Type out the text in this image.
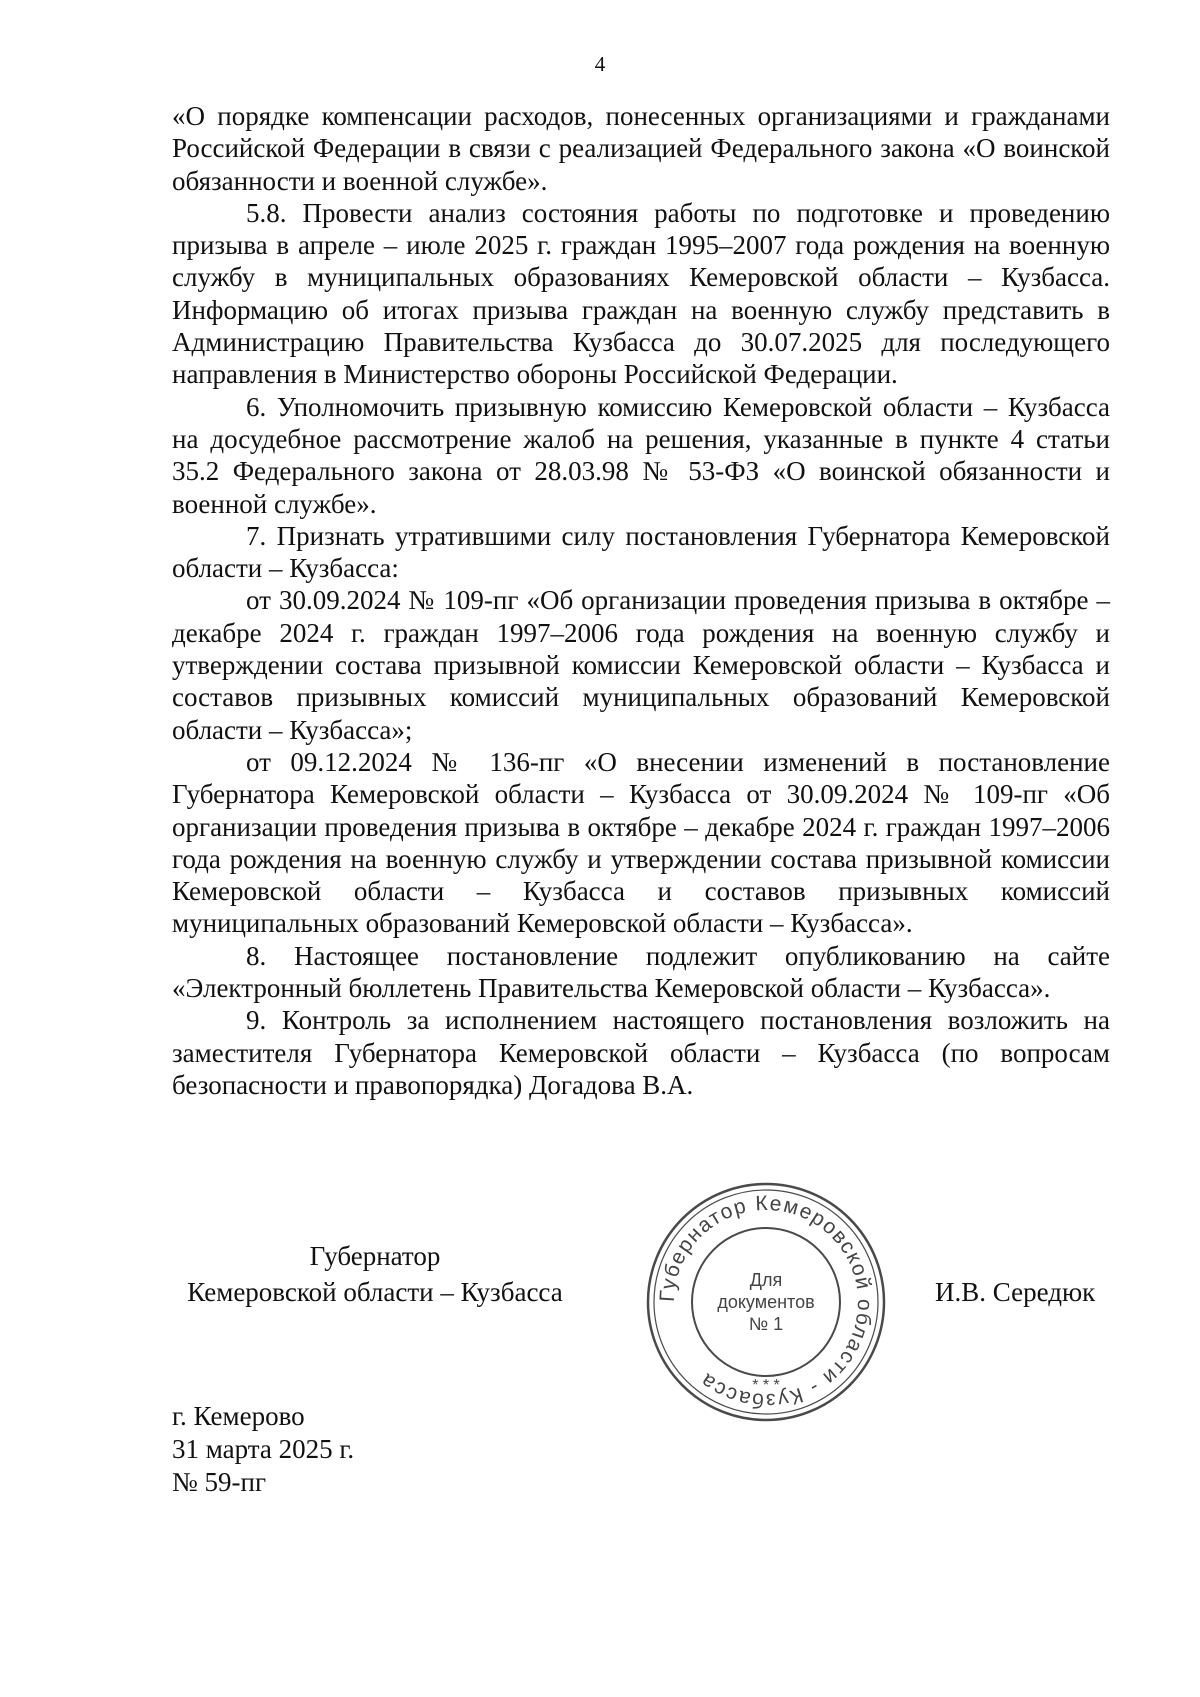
4

«О порядке компенсации расходов, понесенных организациями и гражданами Российской Федерации в связи с реализацией Федерального закона «О воинской обязанности и военной службе».

5.8. Провести анализ состояния работы по подготовке и проведению призыва в апреле – июле 2025 г. граждан 1995–2007 года рождения на военную службу в муниципальных образованиях Кемеровской области – Кузбасса. Информацию об итогах призыва граждан на военную службу представить в Администрацию Правительства Кузбасса до 30.07.2025 для последующего направления в Министерство обороны Российской Федерации.

6. Уполномочить призывную комиссию Кемеровской области – Кузбасса на досудебное рассмотрение жалоб на решения, указанные в пункте 4 статьи 35.2 Федерального закона от 28.03.98 № 53-ФЗ «О воинской обязанности и военной службе».

7. Признать утратившими силу постановления Губернатора Кемеровской области – Кузбасса:

от 30.09.2024 № 109-пг «Об организации проведения призыва в октябре – декабре 2024 г. граждан 1997–2006 года рождения на военную службу и утверждении состава призывной комиссии Кемеровской области – Кузбасса и составов призывных комиссий муниципальных образований Кемеровской области – Кузбасса»;

от 09.12.2024 № 136-пг «О внесении изменений в постановление Губернатора Кемеровской области – Кузбасса от 30.09.2024 № 109-пг «Об организации проведения призыва в октябре – декабре 2024 г. граждан 1997–2006 года рождения на военную службу и утверждении состава призывной комиссии Кемеровской области – Кузбасса и составов призывных комиссий муниципальных образований Кемеровской области – Кузбасса».

8. Настоящее постановление подлежит опубликованию на сайте «Электронный бюллетень Правительства Кемеровской области – Кузбасса».

9. Контроль за исполнением настоящего постановления возложить на заместителя Губернатора Кемеровской области – Кузбасса (по вопросам безопасности и правопорядка) Догадова В.А.

Губернатор
Кемеровской области – Кузбасса	Губернатор Кемеровской области - Кузбасса
Для
документов
№ 1
* * *
И.В. Середюк
г. Кемерово
31 марта 2025 г.
№ 59-пг
